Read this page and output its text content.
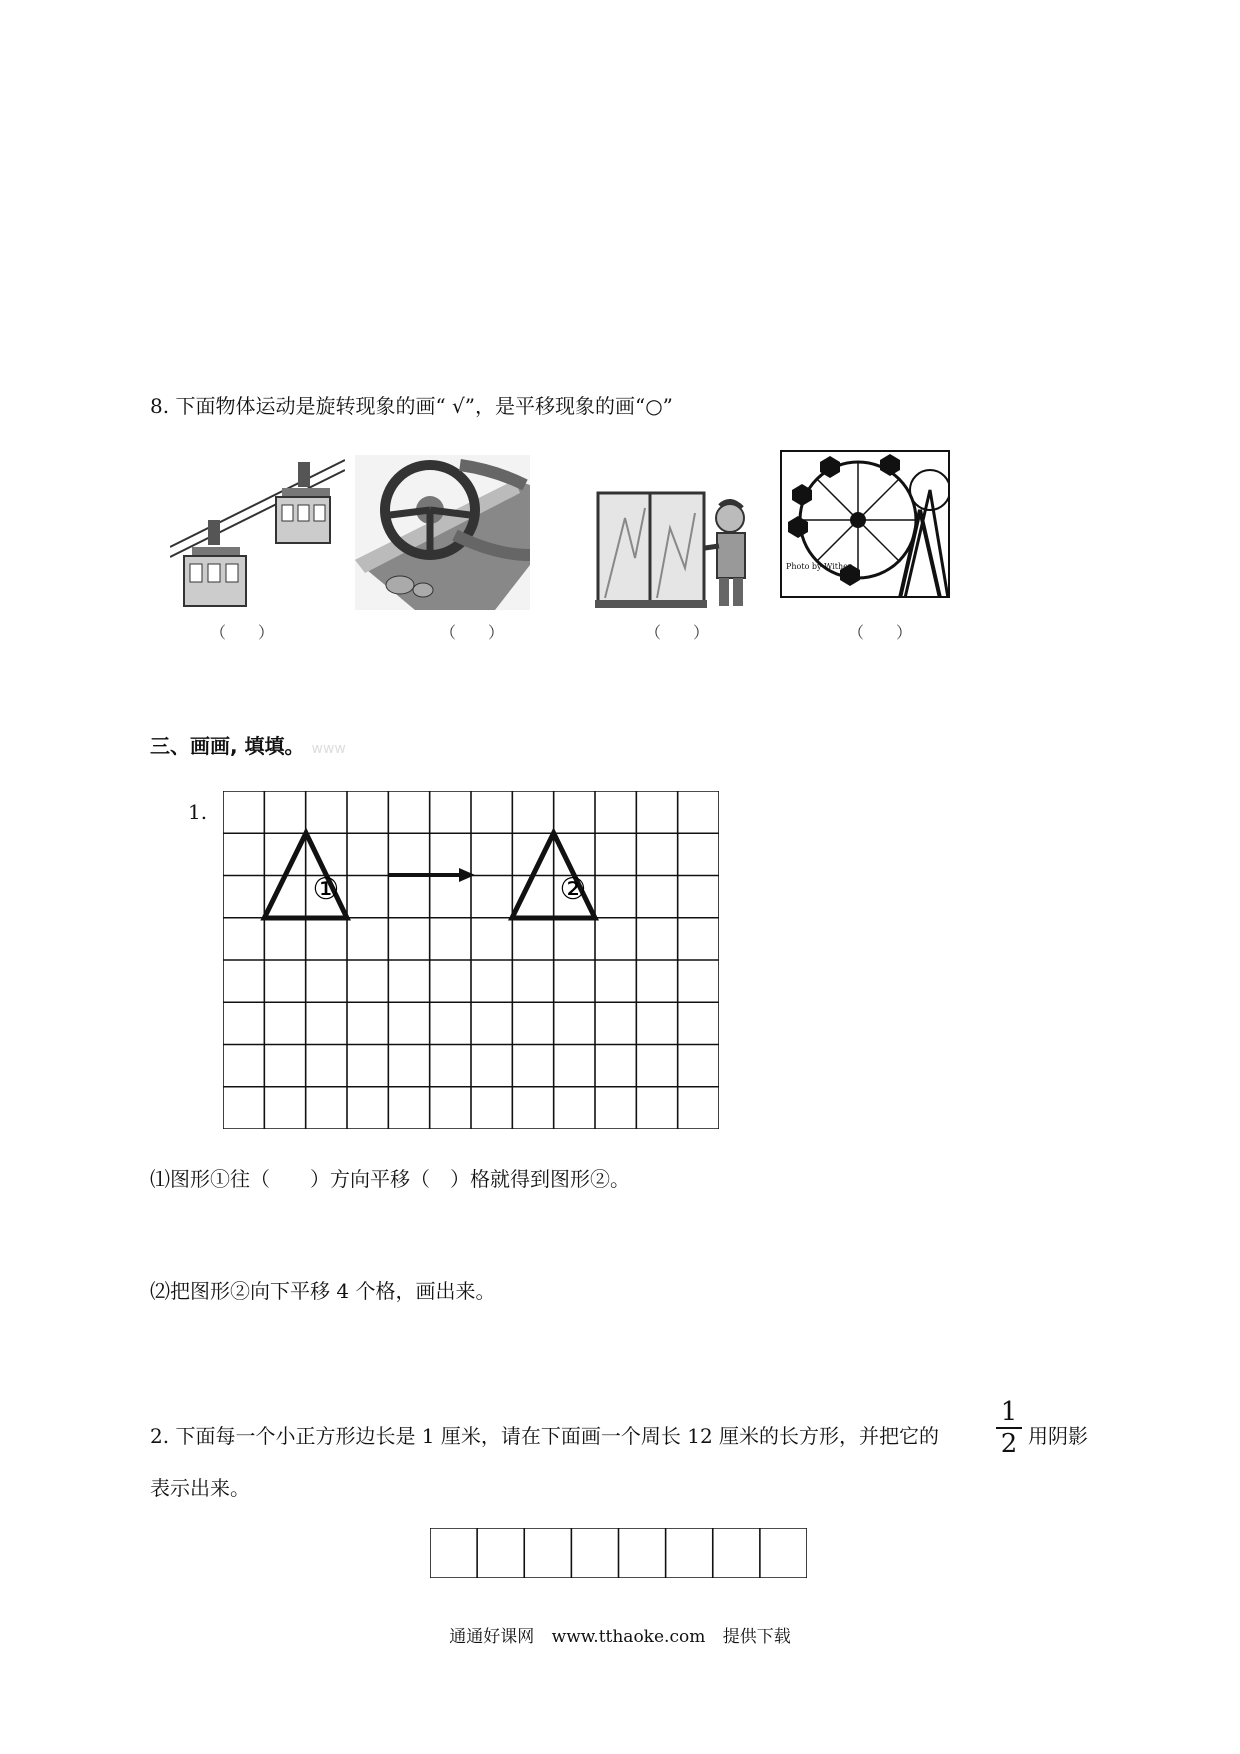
8. 下面物体运动是旋转现象的画“ √”，是平移现象的画“○”
Photo by Wither
（　　）	（　　）	（　　）	（　　）
三、画画, 填填。 www
1.
①	②
⑴图形①往（　　）方向平移（　）格就得到图形②。
⑵把图形②向下平移 4 个格，画出来。
2. 下面每一个小正方形边长是 1 厘米，请在下面画一个周长 12 厘米的长方形，并把它的
1
2 用阴影
表示出来。
通通好课网 www.tthaoke.com 提供下载
